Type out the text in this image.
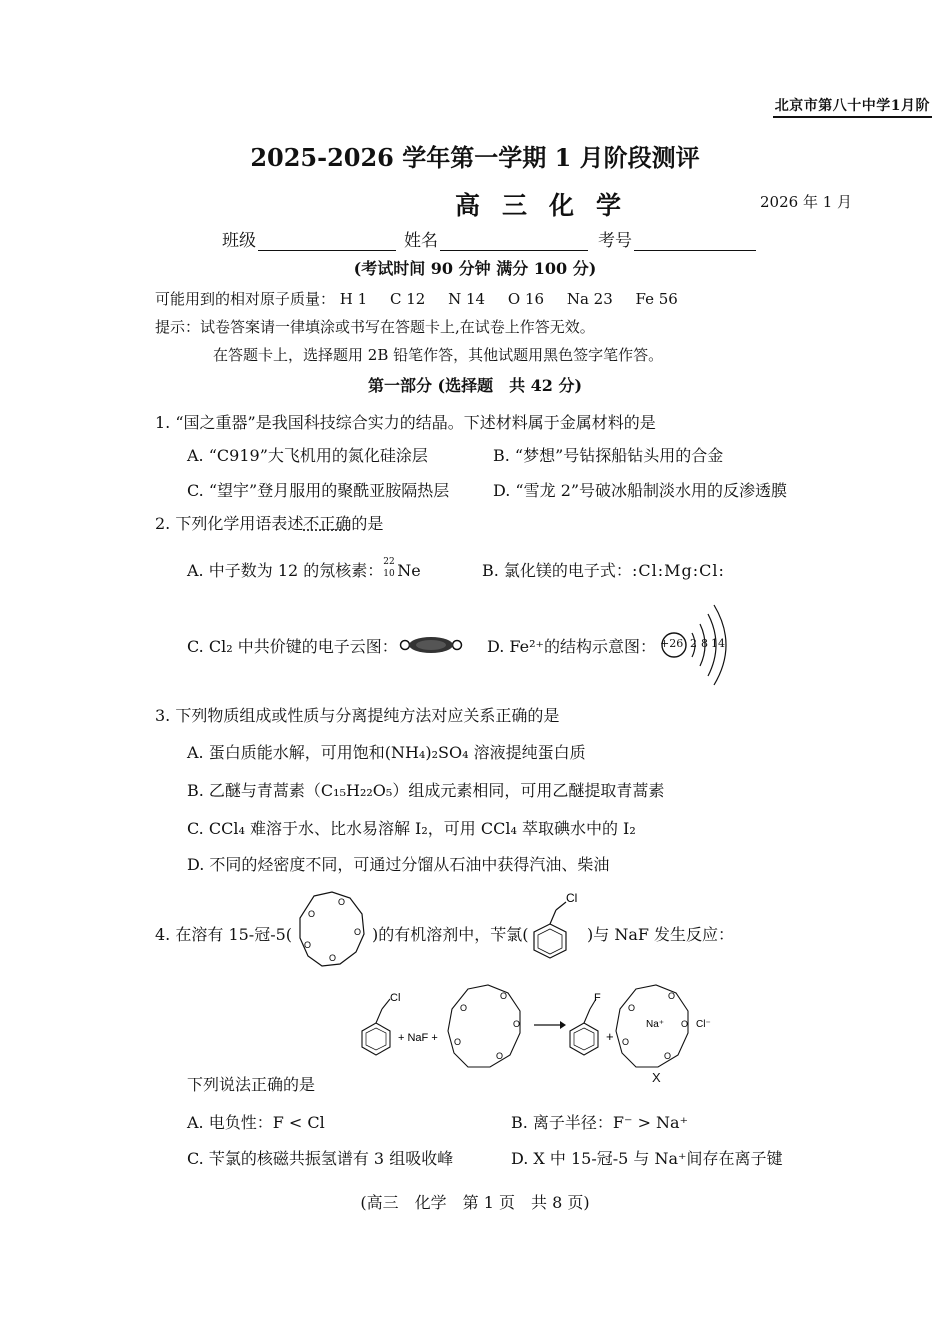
北京市第八十中学1月阶
2025-2026 学年第一学期 1 月阶段测评
高三化学	2026 年 1 月
班级	姓名	考号
(考试时间 90 分钟 满分 100 分)
可能用到的相对原子质量： H 1 C 12 N 14 O 16 Na 23 Fe 56
提示：试卷答案请一律填涂或书写在答题卡上,在试卷上作答无效。
在答题卡上，选择题用 2B 铅笔作答，其他试题用黑色签字笔作答。
第一部分 (选择题　共 42 分)
1. “国之重器”是我国科技综合实力的结晶。下述材料属于金属材料的是
A. “C919”大飞机用的氮化硅涂层	B. “梦想”号钻探船钻头用的合金
C. “望宇”登月服用的聚酰亚胺隔热层	D. “雪龙 2”号破冰船制淡水用的反渗透膜
2. 下列化学用语表述不正确的是
A. 中子数为 12 的氖核素： 22
10 Ne	B. 氯化镁的电子式：:Cl:Mg:Cl:
C. Cl₂ 中共价键的电子云图：	D. Fe²⁺的结构示意图： +26 2 8 14
3. 下列物质组成或性质与分离提纯方法对应关系正确的是
A. 蛋白质能水解，可用饱和(NH₄)₂SO₄ 溶液提纯蛋白质
B. 乙醚与青蒿素（C₁₅H₂₂O₅）组成元素相同，可用乙醚提取青蒿素
C. CCl₄ 难溶于水、比水易溶解 I₂，可用 CCl₄ 萃取碘水中的 I₂
D. 不同的烃密度不同，可通过分馏从石油中获得汽油、柴油
4. 在溶有 15-冠-5(
O
O
O
O
O
)的有机溶剂中，苄氯(
Cl
)与 NaF 发生反应：
Cl
+ NaF +
O
O
O
O
O
F
+
O
O
O
O
O
Na⁺	Cl⁻
X
下列说法正确的是
A. 电负性：F < Cl	B. 离子半径：F⁻ > Na⁺
C. 苄氯的核磁共振氢谱有 3 组吸收峰	D. X 中 15-冠-5 与 Na⁺间存在离子键
(高三　化学　第 1 页　共 8 页)
